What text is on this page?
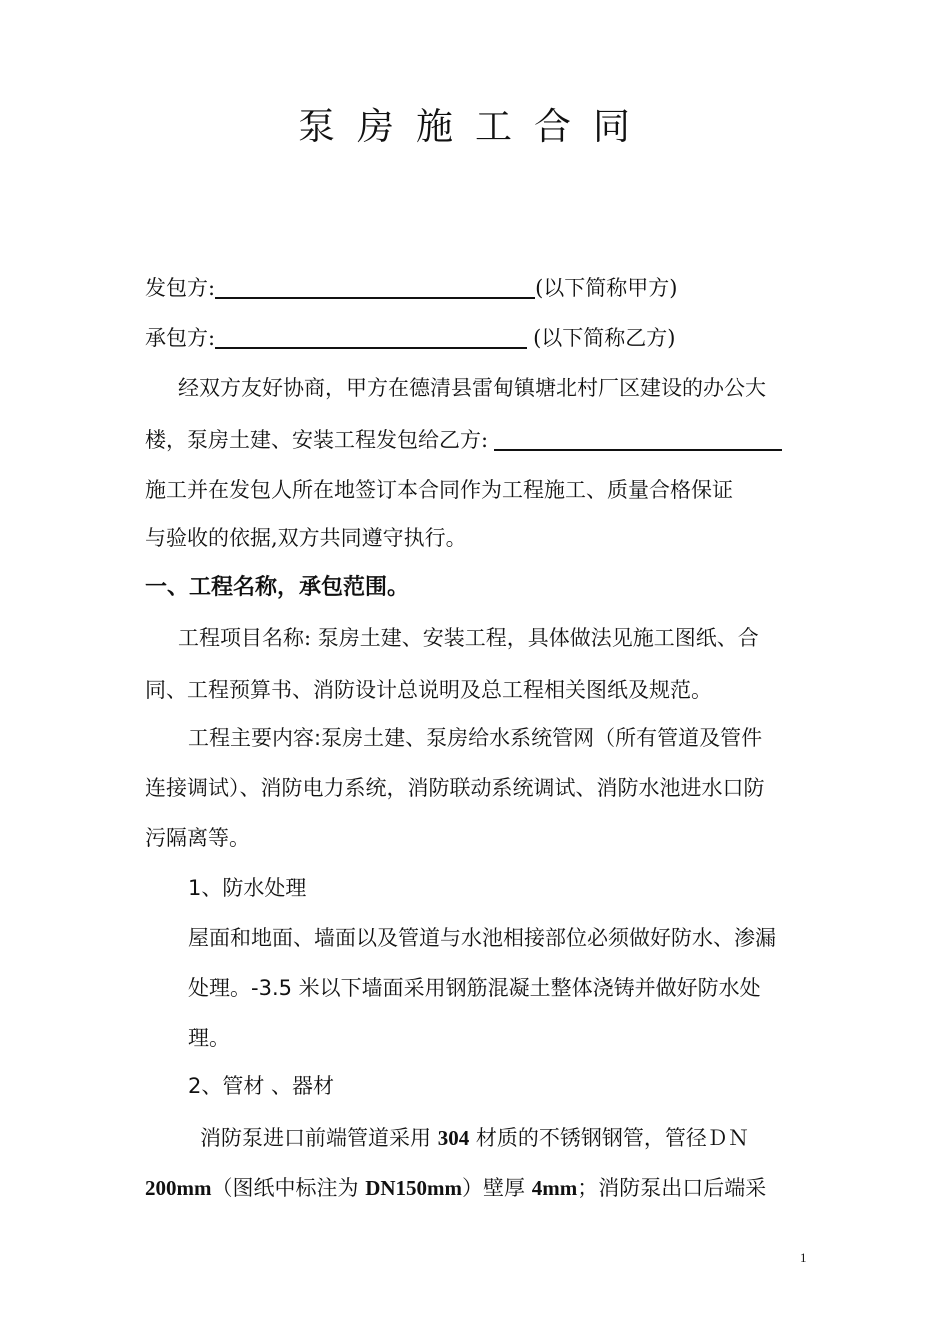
泵房施工合同
发包方:	(以下简称甲方)
承包方:	(以下简称乙方)
经双方友好协商，甲方在德清县雷甸镇塘北村厂区建设的办公大
楼，泵房土建、安装工程发包给乙方:
施工并在发包人所在地签订本合同作为工程施工、质量合格保证
与验收的依据,双方共同遵守执行。
一、工程名称，承包范围。
工程项目名称: 泵房土建、安装工程，具体做法见施工图纸、合
同、工程预算书、消防设计总说明及总工程相关图纸及规范。
工程主要内容:泵房土建、泵房给水系统管网（所有管道及管件
连接调试）、消防电力系统，消防联动系统调试、消防水池进水口防
污隔离等。
1、防水处理
屋面和地面、墙面以及管道与水池相接部位必须做好防水、渗漏
处理。-3.5 米以下墙面采用钢筋混凝土整体浇铸并做好防水处
理。
2、管材 、器材
消防泵进口前端管道采用 304 材质的不锈钢钢管，管径ＤＮ
200mm（图纸中标注为 DN150mm）壁厚 4mm；消防泵出口后端采
1
